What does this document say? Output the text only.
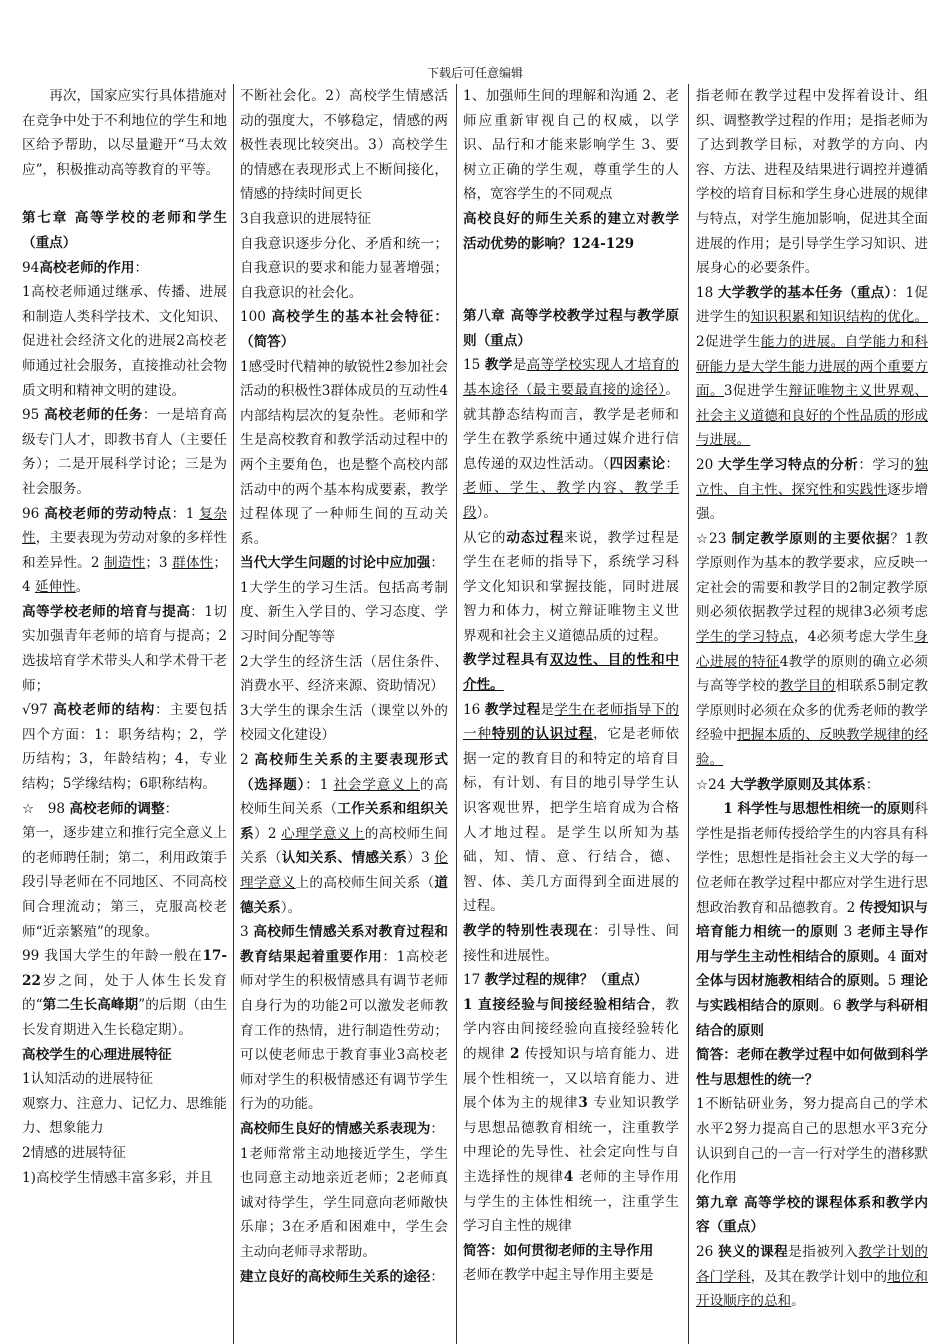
下载后可任意编辑

再次，国家应实行具体措施对在竞争中处于不利地位的学生和地区给予帮助，以尽量避开“马太效应”，积极推动高等教育的平等。

第七章 高等学校的老师和学生（重点）

94高校老师的作用：

1高校老师通过继承、传播、进展和制造人类科学技术、文化知识、促进社会经济文化的进展2高校老师通过社会服务，直接推动社会物质文明和精神文明的建设。

95 高校老师的任务：一是培育高级专门人才，即教书育人（主要任务）；二是开展科学讨论；三是为社会服务。

96 高校老师的劳动特点：1 复杂性，主要表现为劳动对象的多样性和差异性。2 制造性；3 群体性；4 延伸性。

高等学校老师的培育与提高：1切实加强青年老师的培育与提高；2选拔培育学术带头人和学术骨干老师；

√97 高校老师的结构：主要包括四个方面：1：职务结构；2，学历结构；3，年龄结构；4，专业结构；5学缘结构；6职称结构。

☆　98 高校老师的调整：

第一，逐步建立和推行完全意义上的老师聘任制；第二，利用政策手段引导老师在不同地区、不同高校间合理流动；第三，克服高校老师“近亲繁殖”的现象。

99 我国大学生的年龄一般在17-22岁之间，处于人体生长发育的“第二生长高峰期”的后期（由生长发育期进入生长稳定期）。

高校学生的心理进展特征

1认知活动的进展特征

观察力、注意力、记忆力、思维能力、想象能力

2情感的进展特征

1)高校学生情感丰富多彩，并且

不断社会化。2）高校学生情感活动的强度大，不够稳定，情感的两极性表现比较突出。3）高校学生的情感在表现形式上不断间接化，情感的持续时间更长

3自我意识的进展特征

自我意识逐步分化、矛盾和统一；自我意识的要求和能力显著增强；自我意识的社会化。

100 高校学生的基本社会特征：（简答）

1感受时代精神的敏锐性2参加社会活动的积极性3群体成员的互动性4内部结构层次的复杂性。老师和学生是高校教育和教学活动过程中的两个主要角色，也是整个高校内部活动中的两个基本构成要素，教学过程体现了一种师生间的互动关系。

当代大学生问题的讨论中应加强：

1大学生的学习生活。包括高考制度、新生入学目的、学习态度、学习时间分配等等

2大学生的经济生活（居住条件、消费水平、经济来源、资助情况）

3大学生的课余生活（课堂以外的校园文化建设）

2 高校师生关系的主要表现形式（选择题）：1 社会学意义上的高校师生间关系（工作关系和组织关系）2 心理学意义上的高校师生间关系（认知关系、情感关系）3 伦理学意义上的高校师生间关系（道德关系）。

3 高校师生情感关系对教育过程和教育结果起着重要作用：1高校老师对学生的积极情感具有调节老师自身行为的功能2可以激发老师教育工作的热情，进行制造性劳动；可以使老师忠于教育事业3高校老师对学生的积极情感还有调节学生行为的功能。

高校师生良好的情感关系表现为：

1老师常常主动地接近学生，学生也同意主动地亲近老师；2老师真诚对待学生，学生同意向老师敞快乐扉；3在矛盾和困难中，学生会主动向老师寻求帮助。

建立良好的高校师生关系的途径：

1、加强师生间的理解和沟通 2、老师应重新审视自己的权威，以学识、品行和才能来影响学生 3、要树立正确的学生观，尊重学生的人格，宽容学生的不同观点

高校良好的师生关系的建立对教学活动优势的影响？124-129

第八章 高等学校教学过程与教学原则（重点）

15 教学是高等学校实现人才培育的基本途径（最主要最直接的途径）。就其静态结构而言，教学是老师和学生在教学系统中通过媒介进行信息传递的双边性活动。（四因素论：老师、学生、教学内容、教学手段）。

从它的动态过程来说，教学过程是学生在老师的指导下，系统学习科学文化知识和掌握技能，同时进展智力和体力，树立辩证唯物主义世界观和社会主义道德品质的过程。

教学过程具有双边性、目的性和中介性。

16 教学过程是学生在老师指导下的一种特别的认识过程，它是老师依据一定的教育目的和特定的培育目标，有计划、有目的地引导学生认识客观世界，把学生培育成为合格人才地过程。是学生以所知为基础，知、情、意、行结合，德、智、体、美几方面得到全面进展的过程。

教学的特别性表现在：引导性、间接性和进展性。

17 教学过程的规律？（重点）

1 直接经验与间接经验相结合，教学内容由间接经验向直接经验转化的规律 2 传授知识与培育能力、进展个性相统一，又以培育能力、进展个体为主的规律3 专业知识教学与思想品德教育相统一，注重教学中理论的先导性、社会定向性与自主选择性的规律4 老师的主导作用与学生的主体性相统一，注重学生学习自主性的规律

简答：如何贯彻老师的主导作用

老师在教学中起主导作用主要是

指老师在教学过程中发挥着设计、组织、调整教学过程的作用；是指老师为了达到教学目标，对教学的方向、内容、方法、进程及结果进行调控并遵循学校的培育目标和学生身心进展的规律与特点，对学生施加影响，促进其全面进展的作用；是引导学生学习知识、进展身心的必要条件。

18 大学教学的基本任务（重点）：1促进学生的知识积累和知识结构的优化。2促进学生能力的进展。自学能力和科研能力是大学生能力进展的两个重要方面。3促进学生辩证唯物主义世界观、社会主义道德和良好的个性品质的形成与进展。

20 大学生学习特点的分析：学习的独立性、自主性、探究性和实践性逐步增强。

☆23 制定教学原则的主要依据？1教学原则作为基本的教学要求，应反映一定社会的需要和教学目的2制定教学原则必须依据教学过程的规律3必须考虑学生的学习特点，4必须考虑大学生身心进展的特征4教学的原则的确立必须与高等学校的教学目的相联系5制定教学原则时必须在众多的优秀老师的教学经验中把握本质的、反映教学规律的经验。

☆24 大学教学原则及其体系：

　　1 科学性与思想性相统一的原则科学性是指老师传授给学生的内容具有科学性；思想性是指社会主义大学的每一位老师在教学过程中都应对学生进行思想政治教育和品德教育。2 传授知识与培育能力相统一的原则 3 老师主导作用与学生主动性相结合的原则。4 面对全体与因材施教相结合的原则。5 理论与实践相结合的原则。6 教学与科研相结合的原则

简答：老师在教学过程中如何做到科学性与思想性的统一？

1不断钻研业务，努力提高自己的学术水平2努力提高自己的思想水平3充分认识到自己的一言一行对学生的潜移默化作用

第九章 高等学校的课程体系和教学内容（重点）

26 狭义的课程是指被列入教学计划的各门学科，及其在教学计划中的地位和开设顺序的总和。
